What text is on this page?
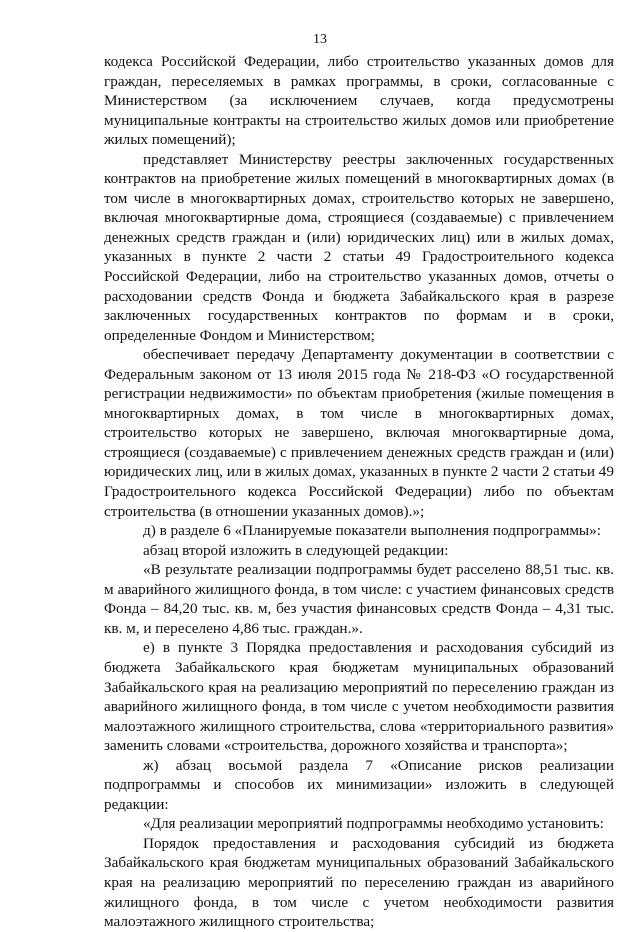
13

кодекса Российской Федерации, либо строительство указанных домов для граждан, переселяемых в рамках программы, в сроки, согласованные с Министерством (за исключением случаев, когда предусмотрены муниципальные контракты на строительство жилых домов или приобретение жилых помещений);

представляет Министерству реестры заключенных государственных контрактов на приобретение жилых помещений в многоквартирных домах (в том числе в многоквартирных домах, строительство которых не завершено, включая многоквартирные дома, строящиеся (создаваемые) с привлечением денежных средств граждан и (или) юридических лиц) или в жилых домах, указанных в пункте 2 части 2 статьи 49 Градостроительного кодекса Российской Федерации, либо на строительство указанных домов, отчеты о расходовании средств Фонда и бюджета Забайкальского края в разрезе заключенных государственных контрактов по формам и в сроки, определенные Фондом и Министерством;

обеспечивает передачу Департаменту документации в соответствии с Федеральным законом от 13 июля 2015 года № 218-ФЗ «О государственной регистрации недвижимости» по объектам приобретения (жилые помещения в многоквартирных домах, в том числе в многоквартирных домах, строительство которых не завершено, включая многоквартирные дома, строящиеся (создаваемые) с привлечением денежных средств граждан и (или) юридических лиц, или в жилых домах, указанных в пункте 2 части 2 статьи 49 Градостроительного кодекса Российской Федерации) либо по объектам строительства (в отношении указанных домов).»;

д) в разделе 6 «Планируемые показатели выполнения подпрограммы»:

абзац второй изложить в следующей редакции:

«В результате реализации подпрограммы будет расселено 88,51 тыс. кв. м аварийного жилищного фонда, в том числе: с участием финансовых средств Фонда – 84,20 тыс. кв. м, без участия финансовых средств Фонда – 4,31 тыс. кв. м, и переселено 4,86 тыс. граждан.».

е) в пункте 3 Порядка предоставления и расходования субсидий из бюджета Забайкальского края бюджетам муниципальных образований Забайкальского края на реализацию мероприятий по переселению граждан из аварийного жилищного фонда, в том числе с учетом необходимости развития малоэтажного жилищного строительства, слова «территориального развития» заменить словами «строительства, дорожного хозяйства и транспорта»;

ж) абзац восьмой раздела 7 «Описание рисков реализации подпрограммы и способов их минимизации» изложить в следующей редакции:

«Для реализации мероприятий подпрограммы необходимо установить:

Порядок предоставления и расходования субсидий из бюджета Забайкальского края бюджетам муниципальных образований Забайкальского края на реализацию мероприятий по переселению граждан из аварийного жилищного фонда, в том числе с учетом необходимости развития малоэтажного жилищного строительства;
